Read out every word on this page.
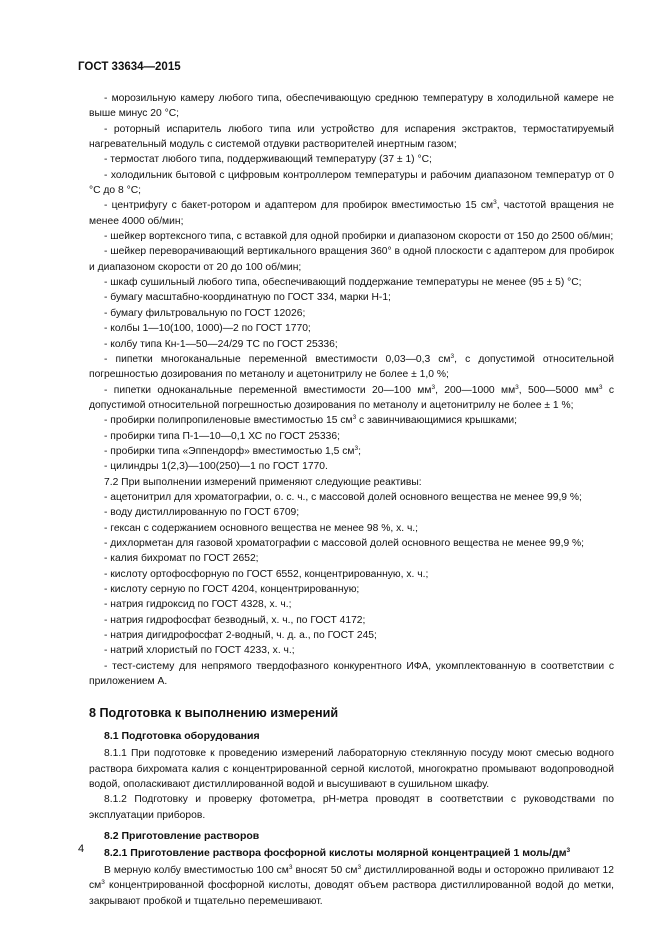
ГОСТ 33634—2015

- морозильную камеру любого типа, обеспечивающую среднюю температуру в холодильной камере не выше минус 20 °С;

- роторный испаритель любого типа или устройство для испарения экстрактов, термостатируемый нагревательный модуль с системой отдувки растворителей инертным газом;

- термостат любого типа, поддерживающий температуру (37 ± 1) °С;

- холодильник бытовой с цифровым контроллером температуры и рабочим диапазоном температур от 0 °С до 8 °С;

- центрифугу с бакет-ротором и адаптером для пробирок вместимостью 15 $см^3$, частотой вращения не менее 4000 об/мин;

- шейкер вортексного типа, с вставкой для одной пробирки и диапазоном скорости от 150 до 2500 об/мин;

- шейкер переворачивающий вертикального вращения 360° в одной плоскости с адаптером для пробирок и диапазоном скорости от 20 до 100 об/мин;

- шкаф сушильный любого типа, обеспечивающий поддержание температуры не менее (95 ± 5) °С;

- бумагу масштабно-координатную по ГОСТ 334, марки Н-1;

- бумагу фильтровальную по ГОСТ 12026;

- колбы 1—10(100, 1000)—2 по ГОСТ 1770;

- колбу типа Кн-1—50—24/29 ТС по ГОСТ 25336;

- пипетки многоканальные переменной вместимости 0,03—0,3 $см^3$, с допустимой относительной погрешностью дозирования по метанолу и ацетонитрилу не более ± 1,0 %;

- пипетки одноканальные переменной вместимости 20—100 $мм^3$, 200—1000 $мм^3$, 500—5000 $мм^3$ с допустимой относительной погрешностью дозирования по метанолу и ацетонитрилу не более ± 1 %;

- пробирки полипропиленовые вместимостью 15 $см^3$ с завинчивающимися крышками;

- пробирки типа П-1—10—0,1 ХС по ГОСТ 25336;

- пробирки типа «Эппендорф» вместимостью 1,5 $см^3$;

- цилиндры 1(2,3)—100(250)—1 по ГОСТ 1770.

7.2 При выполнении измерений применяют следующие реактивы:

- ацетонитрил для хроматографии, о. с. ч., с массовой долей основного вещества не менее 99,9 %;

- воду дистиллированную по ГОСТ 6709;

- гексан с содержанием основного вещества не менее 98 %, х. ч.;

- дихлорметан для газовой хроматографии с массовой долей основного вещества не менее 99,9 %;

- калия бихромат по ГОСТ 2652;

- кислоту ортофосфорную по ГОСТ 6552, концентрированную, х. ч.;

- кислоту серную по ГОСТ 4204, концентрированную;

- натрия гидроксид по ГОСТ 4328, х. ч.;

- натрия гидрофосфат безводный, х. ч., по ГОСТ 4172;

- натрия дигидрофосфат 2-водный, ч. д. а., по ГОСТ 245;

- натрий хлористый по ГОСТ 4233, х. ч.;

- тест-систему для непрямого твердофазного конкурентного ИФА, укомплектованную в соответствии с приложением А.

8 Подготовка к выполнению измерений
8.1 Подготовка оборудования

8.1.1 При подготовке к проведению измерений лабораторную стеклянную посуду моют смесью водного раствора бихромата калия с концентрированной серной кислотой, многократно промывают водопроводной водой, ополаскивают дистиллированной водой и высушивают в сушильном шкафу.

8.1.2 Подготовку и проверку фотометра, рН-метра проводят в соответствии с руководствами по эксплуатации приборов.

8.2 Приготовление растворов
8.2.1 Приготовление раствора фосфорной кислоты молярной концентрацией 1 моль/$дм^3$

В мерную колбу вместимостью 100 $см^3$ вносят 50 $см^3$ дистиллированной воды и осторожно приливают 12 $см^3$ концентрированной фосфорной кислоты, доводят объем раствора дистиллированной водой до метки, закрывают пробкой и тщательно перемешивают.

4
